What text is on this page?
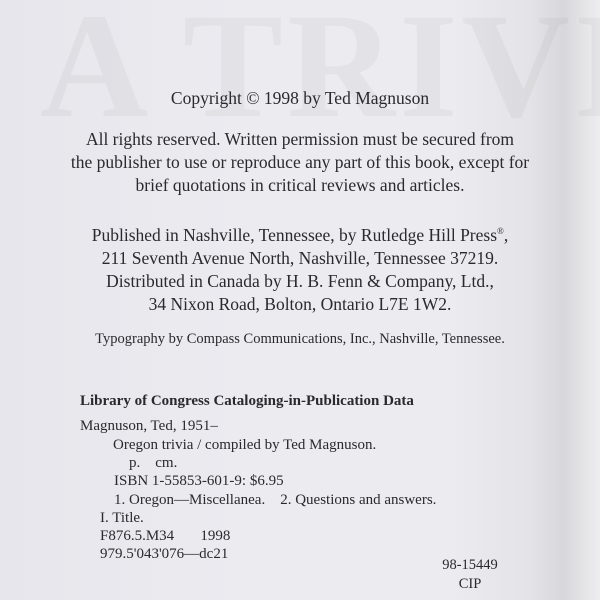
Copyright © 1998 by Ted Magnuson
All rights reserved. Written permission must be secured from
the publisher to use or reproduce any part of this book, except for
brief quotations in critical reviews and articles.
Published in Nashville, Tennessee, by Rutledge Hill Press®,
211 Seventh Avenue North, Nashville, Tennessee 37219.
Distributed in Canada by H. B. Fenn & Company, Ltd.,
34 Nixon Road, Bolton, Ontario L7E 1W2.
Typography by Compass Communications, Inc., Nashville, Tennessee.
Library of Congress Cataloging-in-Publication Data
Magnuson, Ted, 1951–
Oregon trivia / compiled by Ted Magnuson.
p.    cm.
ISBN 1-55853-601-9: $6.95
1. Oregon—Miscellanea.    2. Questions and answers.
I. Title.
F876.5.M34       1998
979.5'043'076—dc21
98-15449
CIP
